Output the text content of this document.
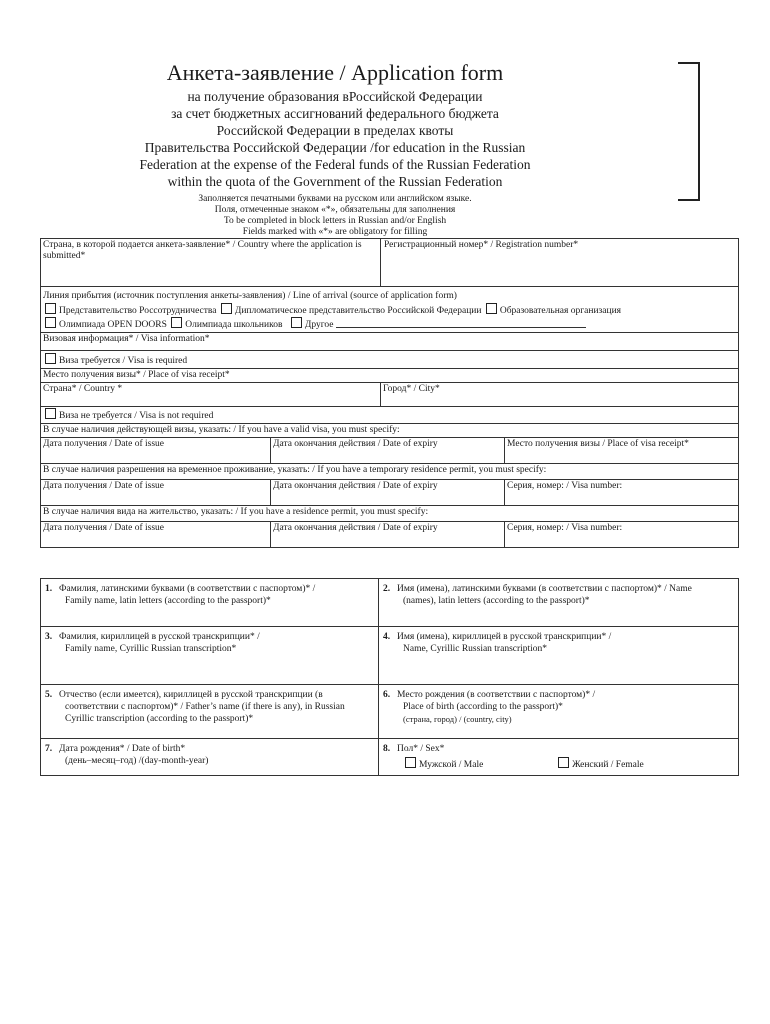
Анкета-заявление / Application form
на получение образования вРоссийской Федерации
за счет бюджетных ассигнований федерального бюджета
Российской Федерации в пределах квоты
Правительства Российской Федерации /for education in the Russian
Federation at the expense of the Federal funds of the Russian Federation
within the quota of the Government of the Russian Federation
Заполняется печатными буквами на русском или английском языке.
Поля, отмеченные знаком «*», обязательны для заполнения
To be completed in block letters in Russian and/or English
Fields marked with «*» are obligatory for filling
Страна, в которой подается анкета-заявление* / Country where the application is submitted*		Регистрационный номер* / Registration number*	

Линия прибытия (источник поступления анкеты-заявления) / Line of arrival (source of application form)
Представительство Россотрудничества Дипломатическое представительство Российской Федерации Образовательная организация
Олимпиада OPEN DOORS Олимпиада школьников Другое			

Визовая информация* / Visa information*			
Виза требуется / Visa is required			
Место получения визы* / Place of visa receipt*			
Страна* / Country *		Город* / City*	
Виза не требуется / Visa is not required			
В случае наличия действующей визы, указать: / If you have a valid visa, you must specify:			
Дата получения / Date of issue	Дата окончания действия / Date of expiry		Место получения визы / Place of visa receipt*
В случае наличия разрешения на временное проживание, указать: / If you have a temporary residence permit, you must specify:			
Дата получения / Date of issue	Дата окончания действия / Date of expiry		Серия, номер: / Visa number:
В случае наличия вида на жительство, указать: / If you have a residence permit, you must specify:			
Дата получения / Date of issue	Дата окончания действия / Date of expiry		Серия, номер: / Visa number:
1. Фамилия, латинскими буквами (в соответствии с паспортом)* /
Family name, latin letters (according to the passport)*	2. Имя (имена), латинскими буквами (в соответствии с паспортом)* / Name
(names), latin letters (according to the passport)*

3. Фамилия, кириллицей в русской транскрипции* /
Family name, Cyrillic Russian transcription*	4. Имя (имена), кириллицей в русской транскрипции* /
Name, Cyrillic Russian transcription*

5. Отчество (если имеется), кириллицей в русской транскрипции (в
соответствии с паспортом)* / Father’s name (if there is any), in Russian
Cyrillic transcription (according to the passport)*	6. Место рождения (в соответствии с паспортом)* /
Place of birth (according to the passport)*
(страна, город) / (country, city)

7. Дата рождения* / Date of birth*
(день–месяц–год) /(day-month-year)	8. Пол* / Sex*
Мужской / Male Женский / Female
